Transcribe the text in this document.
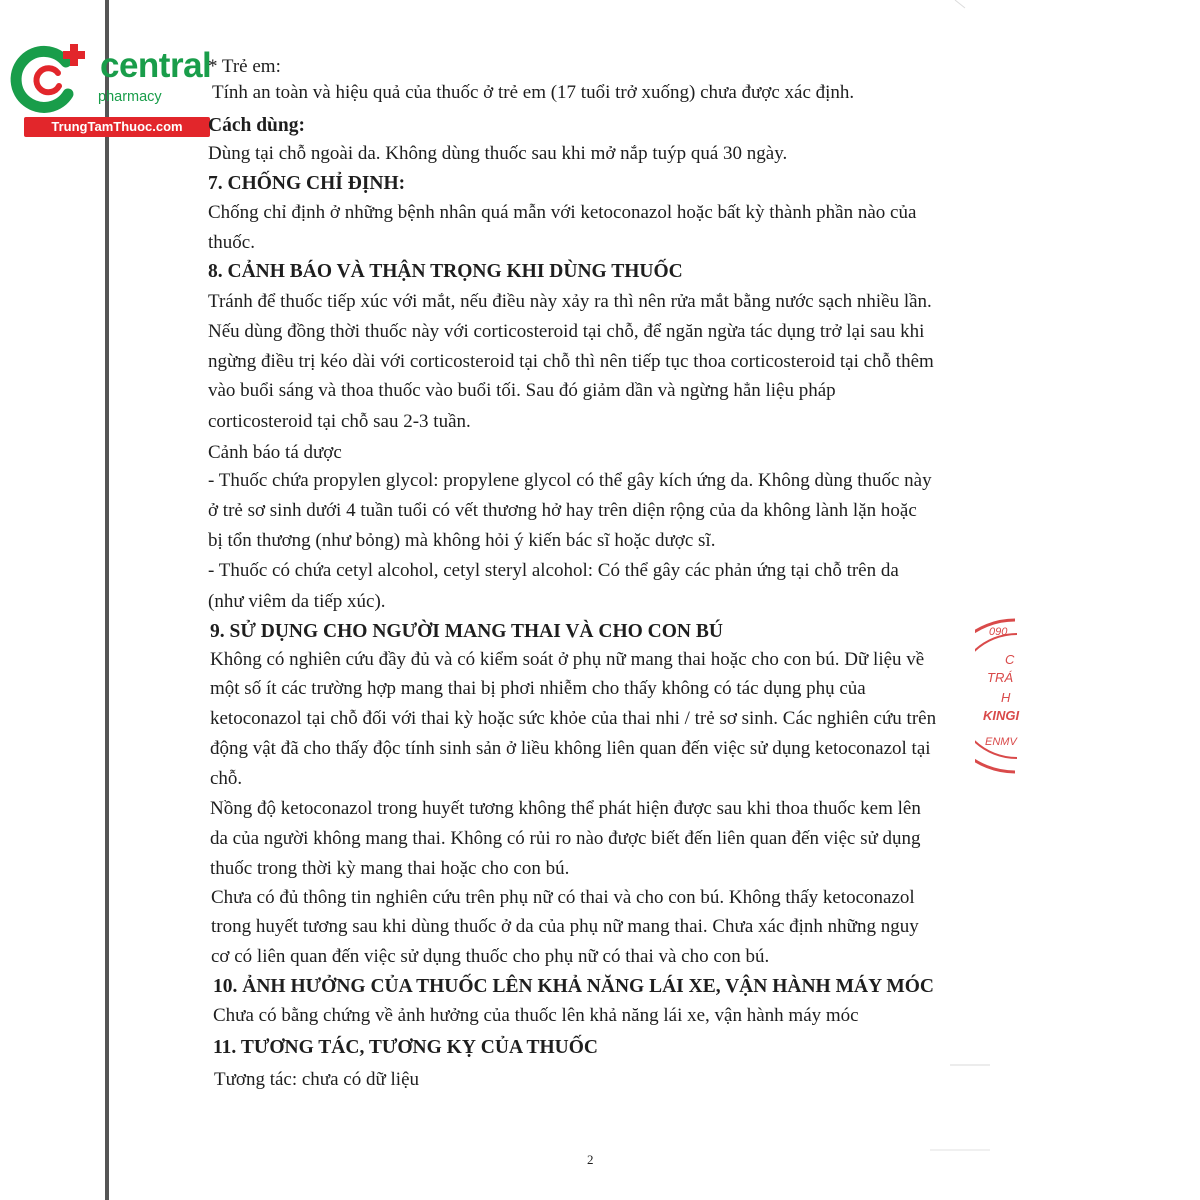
central
pharmacy
TrungTamThuoc.com
* Trẻ em:
Tính an toàn và hiệu quả của thuốc ở trẻ em (17 tuổi trở xuống) chưa được xác định.
Cách dùng:
Dùng tại chỗ ngoài da. Không dùng thuốc sau khi mở nắp tuýp quá 30 ngày.
7. CHỐNG CHỈ ĐỊNH:
Chống chỉ định ở những bệnh nhân quá mẫn với ketoconazol hoặc bất kỳ thành phần nào của
thuốc.
8. CẢNH BÁO VÀ THẬN TRỌNG KHI DÙNG THUỐC
Tránh để thuốc tiếp xúc với mắt, nếu điều này xảy ra thì nên rửa mắt bằng nước sạch nhiều lần.
Nếu dùng đồng thời thuốc này với corticosteroid tại chỗ, để ngăn ngừa tác dụng trở lại sau khi
ngừng điều trị kéo dài với corticosteroid tại chỗ thì nên tiếp tục thoa corticosteroid tại chỗ thêm
vào buổi sáng và thoa thuốc vào buổi tối. Sau đó giảm dần và ngừng hẳn liệu pháp
corticosteroid tại chỗ sau 2-3 tuần.
Cảnh báo tá dược
- Thuốc chứa propylen glycol: propylene glycol có thể gây kích ứng da. Không dùng thuốc này
ở trẻ sơ sinh dưới 4 tuần tuổi có vết thương hở hay trên diện rộng của da không lành lặn hoặc
bị tổn thương (như bỏng) mà không hỏi ý kiến bác sĩ hoặc dược sĩ.
- Thuốc có chứa cetyl alcohol, cetyl steryl alcohol: Có thể gây các phản ứng tại chỗ trên da
(như viêm da tiếp xúc).
9. SỬ DỤNG CHO NGƯỜI MANG THAI VÀ CHO CON BÚ
Không có nghiên cứu đầy đủ và có kiểm soát ở phụ nữ mang thai hoặc cho con bú. Dữ liệu về
một số ít các trường hợp mang thai bị phơi nhiễm cho thấy không có tác dụng phụ của
ketoconazol tại chỗ đối với thai kỳ hoặc sức khỏe của thai nhi / trẻ sơ sinh. Các nghiên cứu trên
động vật đã cho thấy độc tính sinh sản ở liều không liên quan đến việc sử dụng ketoconazol tại
chỗ.
Nồng độ ketoconazol trong huyết tương không thể phát hiện được sau khi thoa thuốc kem lên
da của người không mang thai. Không có rủi ro nào được biết đến liên quan đến việc sử dụng
thuốc trong thời kỳ mang thai hoặc cho con bú.
Chưa có đủ thông tin nghiên cứu trên phụ nữ có thai và cho con bú. Không thấy ketoconazol
trong huyết tương sau khi dùng thuốc ở da của phụ nữ mang thai. Chưa xác định những nguy
cơ có liên quan đến việc sử dụng thuốc cho phụ nữ có thai và cho con bú.
10. ẢNH HƯỞNG CỦA THUỐC LÊN KHẢ NĂNG LÁI XE, VẬN HÀNH MÁY MÓC
Chưa có bằng chứng về ảnh hưởng của thuốc lên khả năng lái xe, vận hành máy móc
11. TƯƠNG TÁC, TƯƠNG KỴ CỦA THUỐC
Tương tác: chưa có dữ liệu
2
090
C
TRÁ
H
KINGI
ENMV
